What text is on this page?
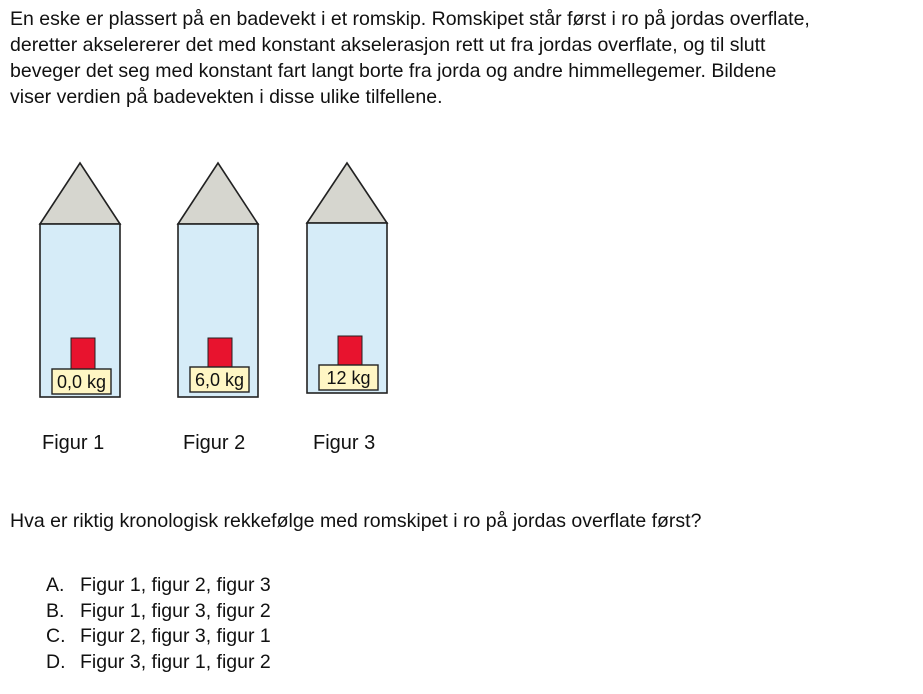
En eske er plassert på en badevekt i et romskip. Romskipet står først i ro på jordas overflate,
deretter akselererer det med konstant akselerasjon rett ut fra jordas overflate, og til slutt
beveger det seg med konstant fart langt borte fra jorda og andre himmellegemer. Bildene
viser verdien på badevekten i disse ulike tilfellene.
0,0 kg
Figur 1
6,0 kg
Figur 2
12 kg
Figur 3

Hva er riktig kronologisk rekkefølge med romskipet i ro på jordas overflate først?

A. Figur 1, figur 2, figur 3
B. Figur 1, figur 3, figur 2
C. Figur 2, figur 3, figur 1
D. Figur 3, figur 1, figur 2
